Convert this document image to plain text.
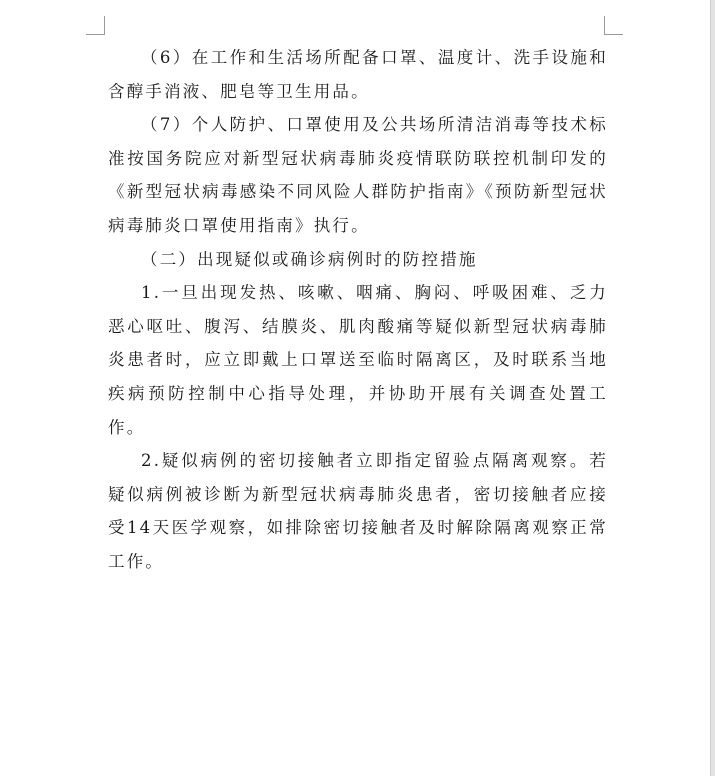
（6）在工作和生活场所配备口罩、温度计、洗手设施和含醇手消液、肥皂等卫生用品。

（7）个人防护、口罩使用及公共场所清洁消毒等技术标准按国务院应对新型冠状病毒肺炎疫情联防联控机制印发的《新型冠状病毒感染不同风险人群防护指南》《预防新型冠状病毒肺炎口罩使用指南》执行。

（二）出现疑似或确诊病例时的防控措施

1.一旦出现发热、咳嗽、咽痛、胸闷、呼吸困难、乏力恶心呕吐、腹泻、结膜炎、肌肉酸痛等疑似新型冠状病毒肺炎患者时，应立即戴上口罩送至临时隔离区，及时联系当地疾病预防控制中心指导处理，并协助开展有关调查处置工作。

2.疑似病例的密切接触者立即指定留验点隔离观察。若疑似病例被诊断为新型冠状病毒肺炎患者，密切接触者应接受14天医学观察，如排除密切接触者及时解除隔离观察正常工作。
